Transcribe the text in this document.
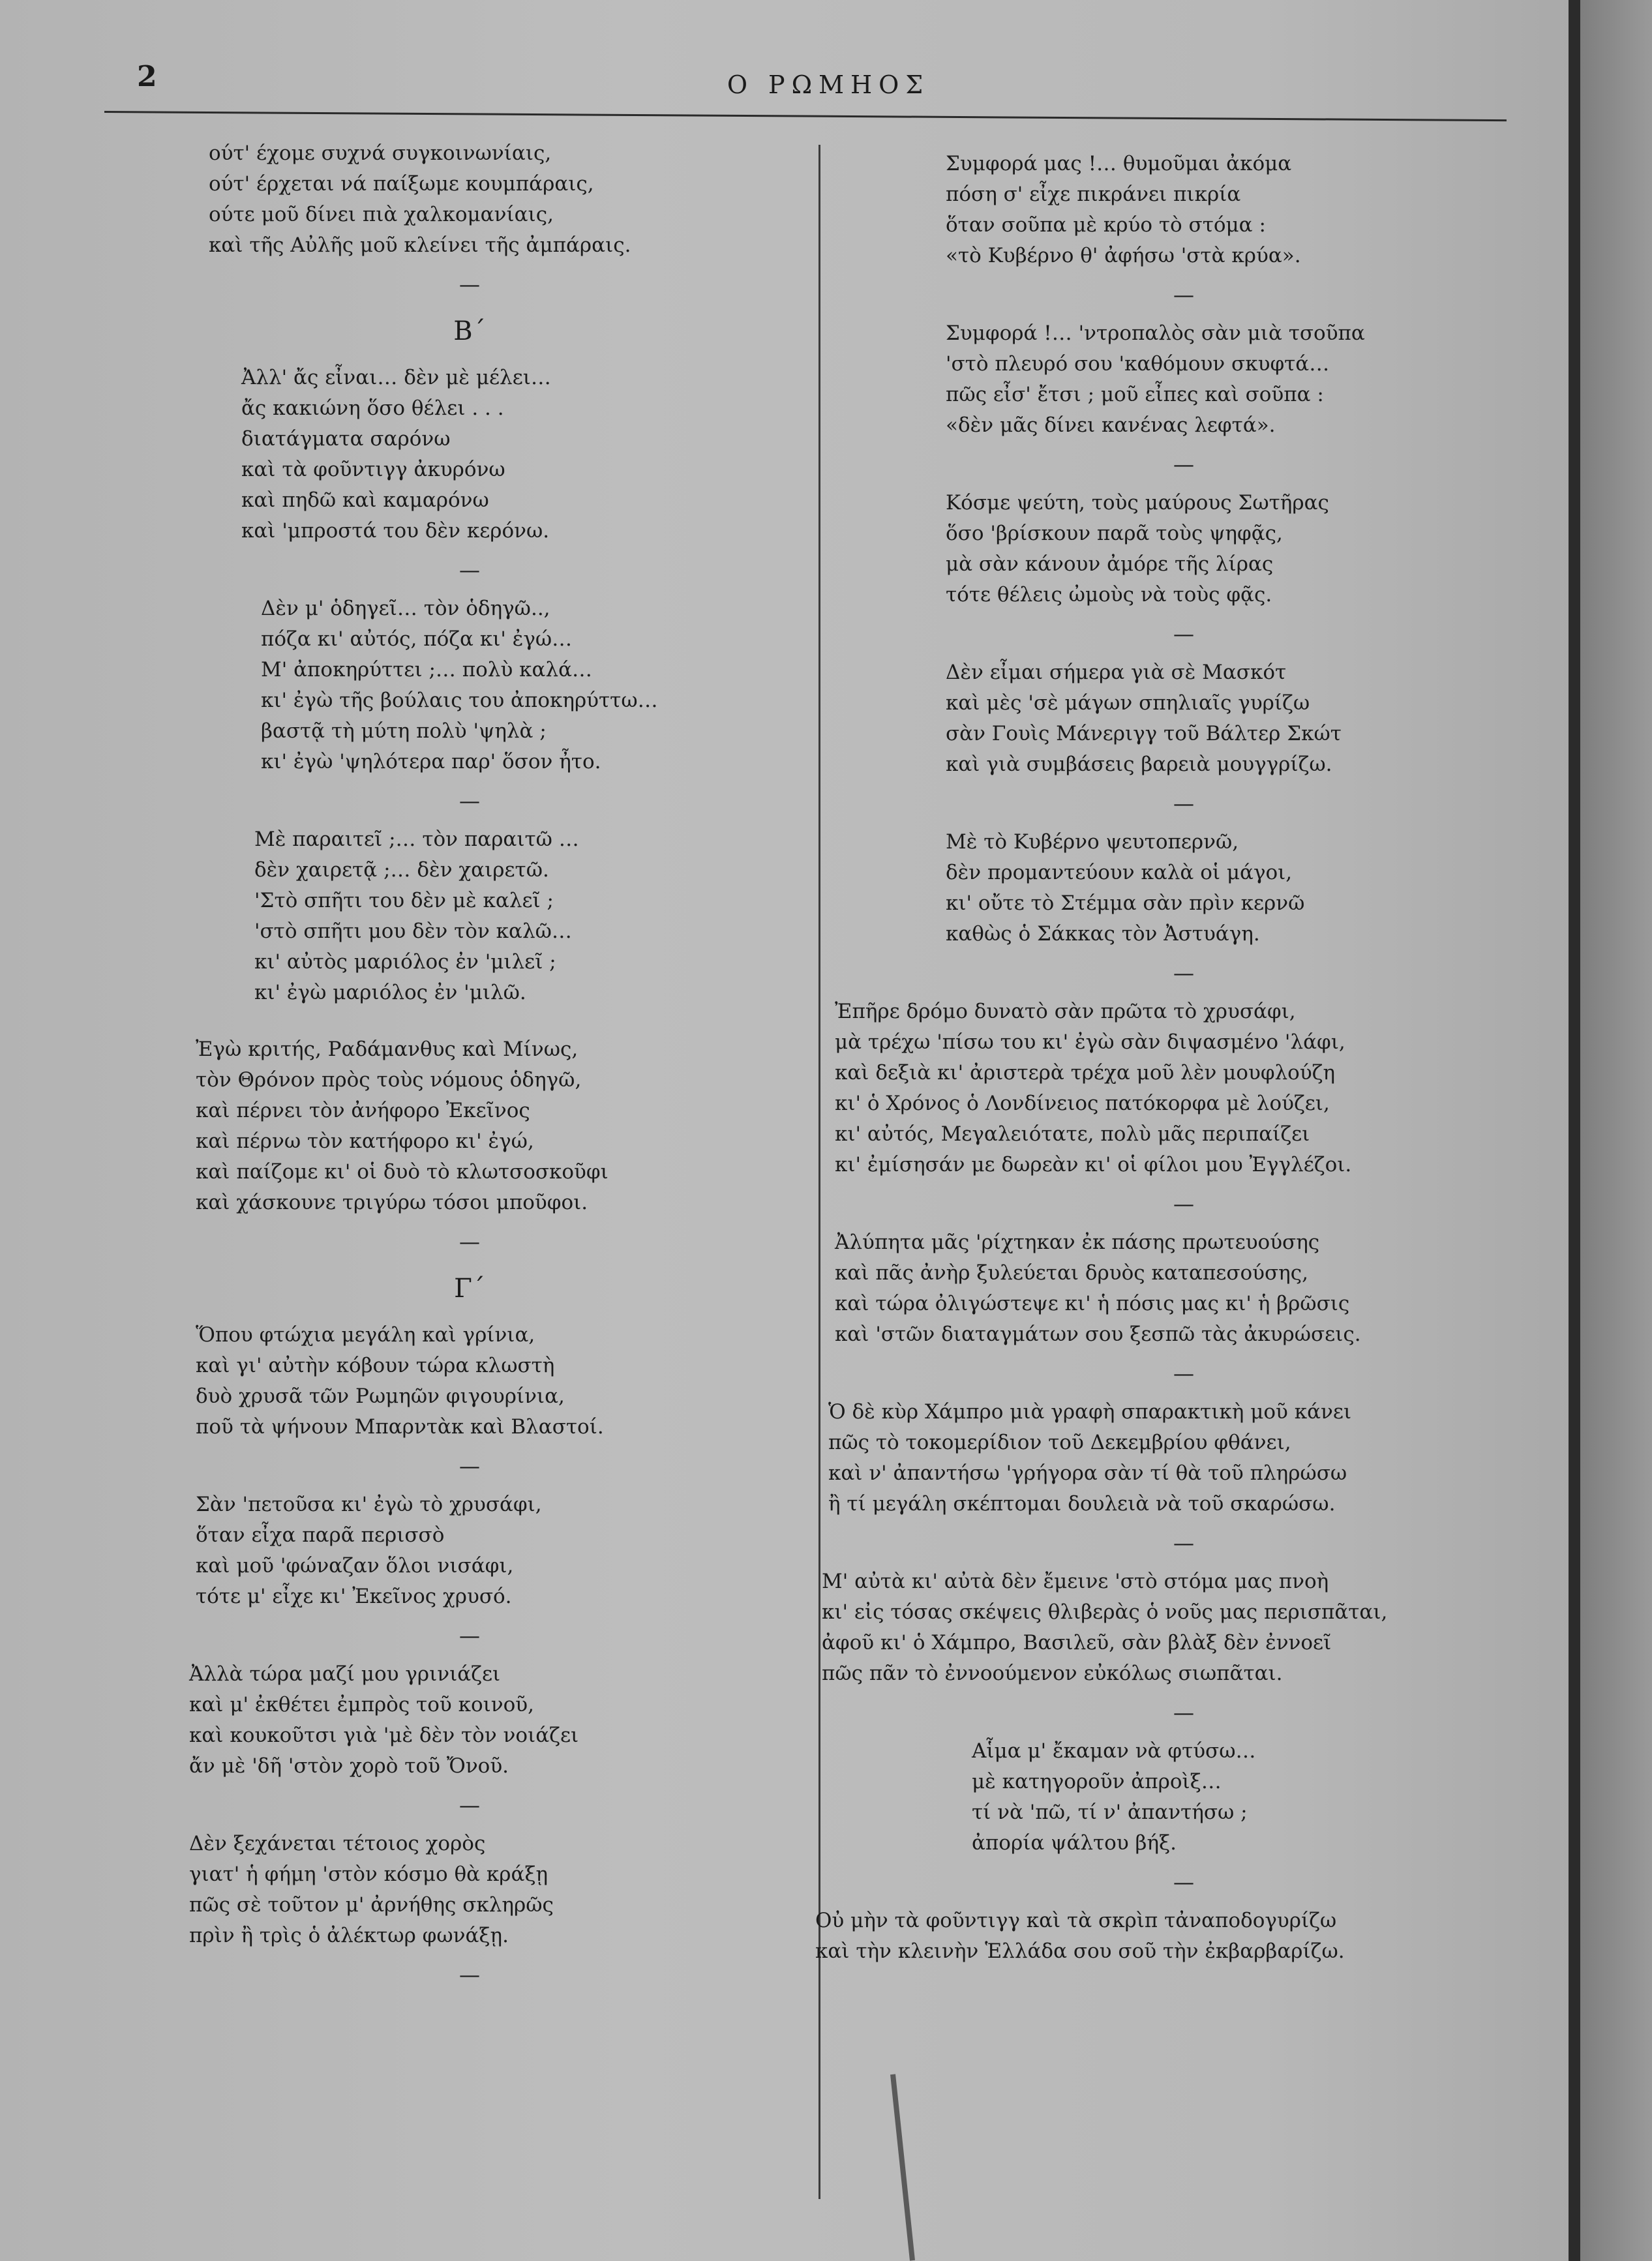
2	Ο ΡΩΜΗΟΣ
ούτ' έχομε συχνά συγκοινωνίαις,
ούτ' έρχεται νά παίξωμε κουμπάραις,
ούτε μοῦ δίνει πιὰ χαλκομανίαις,
καὶ τῆς Αὐλῆς μοῦ κλείνει τῆς ἀμπάραις.
—
Β΄
Ἀλλ' ἄς εἶναι… δὲν μὲ μέλει…
ἄς κακιώνη ὅσο θέλει . . .
διατάγματα σαρόνω
καὶ τὰ φοῦντιγγ ἀκυρόνω
καὶ πηδῶ καὶ καμαρόνω
καὶ 'μπροστά του δὲν κερόνω.
—
Δὲν μ' ὁδηγεῖ… τὸν ὁδηγῶ..,
πόζα κι' αὐτός, πόζα κι' ἐγώ…
Μ' ἀποκηρύττει ;… πολὺ καλά…
κι' ἐγὼ τῆς βούλαις του ἀποκηρύττω…
βαστᾷ τὴ μύτη πολὺ 'ψηλὰ ;
κι' ἐγὼ 'ψηλότερα παρ' ὅσον ἦτο.
—
Μὲ παραιτεῖ ;… τὸν παραιτῶ …
δὲν χαιρετᾷ ;… δὲν χαιρετῶ.
'Στὸ σπῆτι του δὲν μὲ καλεῖ ;
'στὸ σπῆτι μου δὲν τὸν καλῶ…
κι' αὐτὸς μαριόλος ἐν 'μιλεῖ ;
κι' ἐγὼ μαριόλος ἐν 'μιλῶ.
Ἐγὼ κριτής, Ραδάμανθυς καὶ Μίνως,
τὸν Θρόνον πρὸς τοὺς νόμους ὁδηγῶ,
καὶ πέρνει τὸν ἀνήφορο Ἐκεῖνος
καὶ πέρνω τὸν κατήφορο κι' ἐγώ,
καὶ παίζομε κι' οἱ δυὸ τὸ κλωτσοσκοῦφι
καὶ χάσκουνε τριγύρω τόσοι μποῦφοι.
—
Γ΄
Ὅπου φτώχια μεγάλη καὶ γρίνια,
καὶ γι' αὐτὴν κόβουν τώρα κλωστὴ
δυὸ χρυσᾶ τῶν Ρωμηῶν φιγουρίνια,
ποῦ τὰ ψήνουν Μπαρντὰκ καὶ Βλαστοί.
—
Σὰν 'πετοῦσα κι' ἐγὼ τὸ χρυσάφι,
ὅταν εἶχα παρᾶ περισσὸ
καὶ μοῦ 'φώναζαν ὅλοι νισάφι,
τότε μ' εἶχε κι' Ἐκεῖνος χρυσό.
—
Ἀλλὰ τώρα μαζί μου γρινιάζει
καὶ μ' ἐκθέτει ἐμπρὸς τοῦ κοινοῦ,
καὶ κουκοῦτσι γιὰ 'μὲ δὲν τὸν νοιάζει
ἄν μὲ 'δῆ 'στὸν χορὸ τοῦ Ὄνοῦ.
—
Δὲν ξεχάνεται τέτοιος χορὸς
γιατ' ἡ φήμη 'στὸν κόσμο θὰ κράξῃ
πῶς σὲ τοῦτον μ' ἀρνήθης σκληρῶς
πρὶν ἢ τρὶς ὁ ἀλέκτωρ φωνάξῃ.
—
Συμφορά μας !… θυμοῦμαι ἀκόμα
πόση σ' εἶχε πικράνει πικρία
ὅταν σοῦπα μὲ κρύο τὸ στόμα :
«τὸ Κυβέρνο θ' ἀφήσω 'στὰ κρύα».
—
Συμφορά !… 'ντροπαλὸς σὰν μιὰ τσοῦπα
'στὸ πλευρό σου 'καθόμουν σκυφτά…
πῶς εἶσ' ἔτσι ; μοῦ εἶπες καὶ σοῦπα :
«δὲν μᾶς δίνει κανένας λεφτά».
—
Κόσμε ψεύτη, τοὺς μαύρους Σωτῆρας
ὅσο 'βρίσκουν παρᾶ τοὺς ψηφᾷς,
μὰ σὰν κάνουν ἀμόρε τῆς λίρας
τότε θέλεις ὠμοὺς νὰ τοὺς φᾷς.
—
Δὲν εἶμαι σήμερα γιὰ σὲ Μασκότ
καὶ μὲς 'σὲ μάγων σπηλιαῖς γυρίζω
σὰν Γουὶς Μάνεριγγ τοῦ Βάλτερ Σκώτ
καὶ γιὰ συμβάσεις βαρειὰ μουγγρίζω.
—
Μὲ τὸ Κυβέρνο ψευτοπερνῶ,
δὲν προμαντεύουν καλὰ οἱ μάγοι,
κι' οὔτε τὸ Στέμμα σὰν πρὶν κερνῶ
καθὼς ὁ Σάκκας τὸν Ἀστυάγη.
—
Ἐπῆρε δρόμο δυνατὸ σὰν πρῶτα τὸ χρυσάφι,
μὰ τρέχω 'πίσω του κι' ἐγὼ σὰν διψασμένο 'λάφι,
καὶ δεξιὰ κι' ἀριστερὰ τρέχα μοῦ λὲν μουφλούζη
κι' ὁ Χρόνος ὁ Λονδίνειος πατόκορφα μὲ λούζει,
κι' αὐτός, Μεγαλειότατε, πολὺ μᾶς περιπαίζει
κι' ἐμίσησάν με δωρεὰν κι' οἱ φίλοι μου Ἐγγλέζοι.
—
Ἀλύπητα μᾶς 'ρίχτηκαν ἐκ πάσης πρωτευούσης
καὶ πᾶς ἀνὴρ ξυλεύεται δρυὸς καταπεσούσης,
καὶ τώρα ὀλιγώστεψε κι' ἡ πόσις μας κι' ἡ βρῶσις
καὶ 'στῶν διαταγμάτων σου ξεσπῶ τὰς ἀκυρώσεις.
—
Ὁ δὲ κὺρ Χάμπρο μιὰ γραφὴ σπαρακτικὴ μοῦ κάνει
πῶς τὸ τοκομερίδιον τοῦ Δεκεμβρίου φθάνει,
καὶ ν' ἀπαντήσω 'γρήγορα σὰν τί θὰ τοῦ πληρώσω
ἢ τί μεγάλη σκέπτομαι δουλειὰ νὰ τοῦ σκαρώσω.
—
Μ' αὐτὰ κι' αὐτὰ δὲν ἔμεινε 'στὸ στόμα μας πνοὴ
κι' εἰς τόσας σκέψεις θλιβερὰς ὁ νοῦς μας περισπᾶται,
ἀφοῦ κι' ὁ Χάμπρο, Βασιλεῦ, σὰν βλὰξ δὲν ἐννοεῖ
πῶς πᾶν τὸ ἐννοούμενον εὐκόλως σιωπᾶται.
—
Αἷμα μ' ἔκαμαν νὰ φτύσω…
μὲ κατηγοροῦν ἀπροὶξ…
τί νὰ 'πῶ, τί ν' ἀπαντήσω ;
ἀπορία ψάλτου βήξ.
—
Οὐ μὴν τὰ φοῦντιγγ καὶ τὰ σκρὶπ τἀναποδογυρίζω
καὶ τὴν κλεινὴν Ἑλλάδα σου σοῦ τὴν ἐκβαρβαρίζω.
